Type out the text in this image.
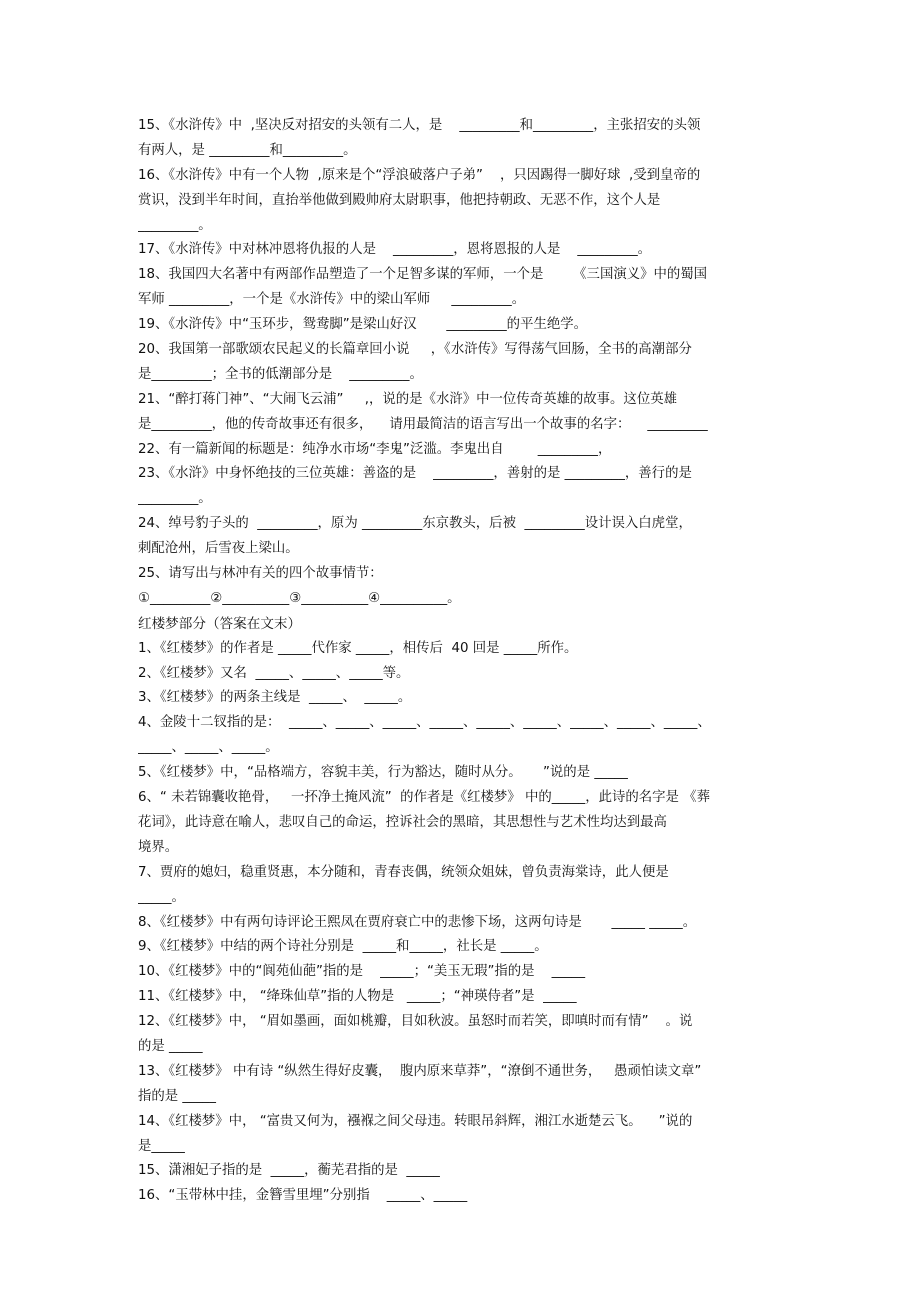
15、《水浒传》中  ,坚决反对招安的头领有二人，是    _________和_________，主张招安的头领
有两人，是 _________和_________。
16、《水浒传》中有一个人物  ,原来是个“浮浪破落户子弟”    ，只因踢得一脚好球  ,受到皇帝的
赏识，没到半年时间，直抬举他做到殿帅府太尉职事，他把持朝政、无恶不作，这个人是
_________。
17、《水浒传》中对林冲恩将仇报的人是    _________，恩将恩报的人是    _________。
18、我国四大名著中有两部作品塑造了一个足智多谋的军师，一个是       《三国演义》中的蜀国
军师 _________，一个是《水浒传》中的梁山军师     _________。
19、《水浒传》中“玉环步，鸳鸯脚”是梁山好汉       _________的平生绝学。
20、我国第一部歌颂农民起义的长篇章回小说     ，《水浒传》写得荡气回肠，全书的高潮部分
是_________；全书的低潮部分是    _________。
21、“醉打蒋门神”、“大闹飞云浦”     ,，说的是《水浒》中一位传奇英雄的故事。这位英雄
是_________，他的传奇故事还有很多，    请用最简洁的语言写出一个故事的名字：    _________
22、有一篇新闻的标题是：纯净水市场“李鬼”泛滥。李鬼出自        _________，
23、《水浒》中身怀绝技的三位英雄：善盗的是    _________，善射的是 _________，善行的是
_________。
24、绰号豹子头的  _________，原为 _________东京教头，后被  _________设计误入白虎堂，
刺配沧州，后雪夜上梁山。
25、请写出与林冲有关的四个故事情节：
①_________②__________③__________④__________。
红楼梦部分（答案在文末）
1、《红楼梦》的作者是 _____代作家 _____，相传后  40 回是 _____所作。
2、《红楼梦》又名  _____、_____、_____等。
3、《红楼梦》的两条主线是  _____、  _____。
4、金陵十二钗指的是：  _____、_____、_____、_____、_____、_____、_____、_____、_____、
_____、_____、_____。
5、《红楼梦》中，“品格端方，容貌丰美，行为豁达，随时从分。     ”说的是 _____
6、“ 未若锦囊收艳骨，   一抔净土掩风流”  的作者是《红楼梦》 中的_____，此诗的名字是 《葬
花词》，此诗意在喻人，悲叹自己的命运，控诉社会的黑暗，其思想性与艺术性均达到最高
境界。
7、贾府的媳妇，稳重贤惠，本分随和，青春丧偶，统领众姐妹，曾负责海棠诗，此人便是
_____。
8、《红楼梦》中有两句诗评论王熙凤在贾府衰亡中的悲惨下场，这两句诗是       _____ _____。
9、《红楼梦》中结的两个诗社分别是  _____和_____，社长是 _____。
10、《红楼梦》中的“阆苑仙葩”指的是    _____；“美玉无瑕”指的是    _____
11、《红楼梦》中， “绛珠仙草”指的人物是   _____；“神瑛侍者”是  _____
12、《红楼梦》中， “眉如墨画，面如桃瓣，目如秋波。虽怒时而若笑，即嗔时而有情”    。说
的是 _____
13、《红楼梦》 中有诗 “纵然生得好皮囊，  腹内原来草莽”，“潦倒不通世务，   愚顽怕读文章”
指的是 _____
14、《红楼梦》中， “富贵又何为，襁褓之间父母违。转眼吊斜辉，湘江水逝楚云飞。    ”说的
是_____
15、潇湘妃子指的是  _____，蘅芜君指的是  _____
16、“玉带林中挂，金簪雪里埋”分别指    _____、_____
